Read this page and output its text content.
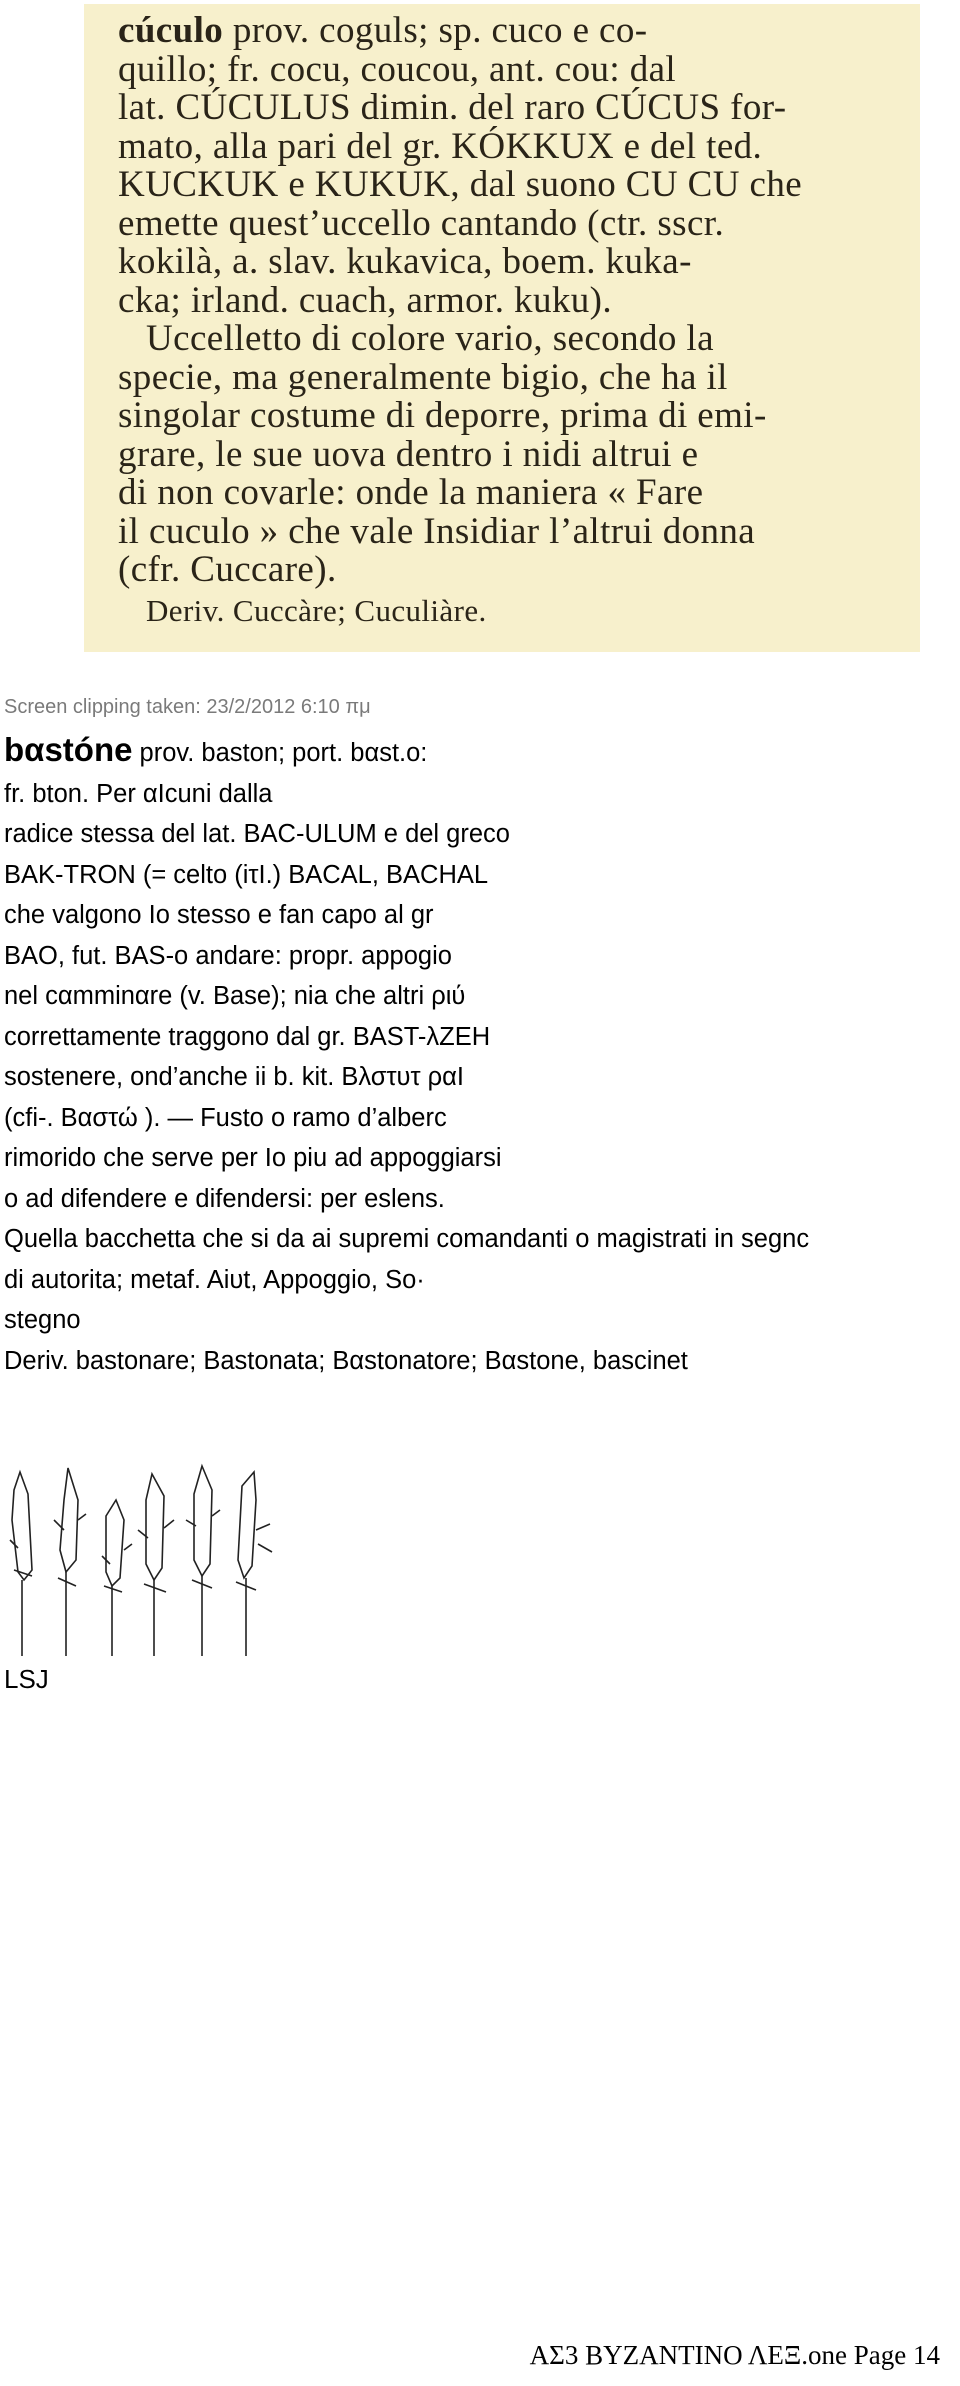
cúculo prov. coguls; sp. cuco e co-
quillo; fr. cocu, coucou, ant. cou: dal
lat. CÚCULUS dimin. del raro CÚCUS for-
mato, alla pari del gr. KÓKKUX e del ted.
KUCKUK e KUKUK, dal suono CU CU che
emette quest’uccello cantando (ctr. sscr.
kokilà, a. slav. kukavica, boem. kuka-
cka; irland. cuach, armor. kuku).
Uccelletto di colore vario, secondo la
specie, ma generalmente bigio, che ha il
singolar costume di deporre, prima di emi-
grare, le sue uova dentro i nidi altrui e
di non covarle: onde la maniera « Fare
il cuculo » che vale Insidiar l’altrui donna
(cfr. Cuccare).
Deriv. Cuccàre; Cuculiàre.
Screen clipping taken: 23/2/2012 6:10 πμ
bαstóne prov. baston; port. bαst.o:
fr. bton. Per αIcuni dalla
radice stessa del lat. BAC-ULUM e del greco
BAK-TRON (= celto (iτI.) BACAL, BACHAL
che valgono Io stesso e fan capo al gr
BAO, fut. BAS-o andare: propr. appogio
nel cαmminαre (v. Base); nia che altri ριύ
correttamente traggono dal gr. BAST-λZEH
sostenere, ond’anche ii b. kit. Bλστυτ ραI
(cfi-. Βαστώ ). — Fusto o ramo d’alberc
rimorido che serve per Io piu ad appoggiarsi
o ad difendere e difendersi: per eslens.
Quella bacchetta che si da ai supremi comandanti o magistrati in segnc
di autorita; metaf. Aiυt, Appoggio, So·
stegno
Deriv. bastonare; Bastonata; Bαstonatore; Bαstone, bascinet
LSJ
ΑΣ3 ΒΥΖΑΝΤΙΝΟ ΛΕΞ.one Page 14
